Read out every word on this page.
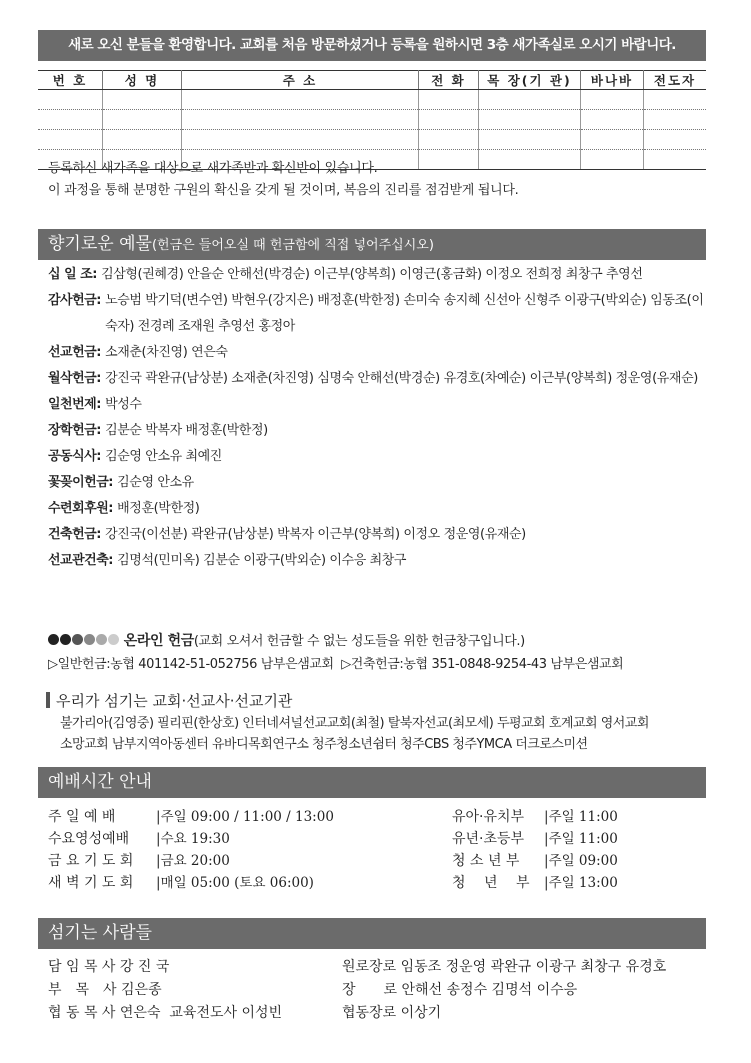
새로 오신 분들을 환영합니다. 교회를 처음 방문하셨거나 등록을 원하시면 3층 새가족실로 오시기 바랍니다.
번 호	성 명	주 소	전 화	목 장(기 관)	바나바	전도자

등록하신 새가족을 대상으로 새가족반과 확신반이 있습니다.
이 과정을 통해 분명한 구원의 확신을 갖게 될 것이며, 복음의 진리를 점검받게 됩니다.
향기로운 예물(헌금은 들어오실 때 헌금함에 직접 넣어주십시오)
십 일 조:
김삼형(권혜경) 안을순 안해선(박경순) 이근부(양복희) 이영근(홍금화) 이정오 전희정 최창구 추영선
감사헌금:
노승범 박기덕(변수연) 박현우(강지은) 배정훈(박한정) 손미숙 송지혜 신선아 신형주 이광구(박외순) 임동조(이숙자) 전경례 조재원 추영선 홍정아
선교헌금:
소재춘(차진영) 연은숙
월삭헌금:
강진국 곽완규(남상분) 소재춘(차진영) 심명숙 안해선(박경순) 유경호(차예순) 이근부(양복희) 정운영(유재순)
일천번제:
박성수
장학헌금:
김분순 박복자 배정훈(박한정)
공동식사:
김순영 안소유 최예진
꽃꽂이헌금:
김순영 안소유
수련회후원:
배정훈(박한정)
건축헌금:
강진국(이선분) 곽완규(남상분) 박복자 이근부(양복희) 이정오 정운영(유재순)
선교관건축:
김명석(민미옥) 김분순 이광구(박외순) 이수응 최창구
온라인 헌금(교회 오셔서 헌금할 수 없는 성도들을 위한 헌금창구입니다.)
▷일반헌금:농협 401142-51-052756 남부은샘교회 ▷건축헌금:농협 351-0848-9254-43 남부은샘교회
우리가 섬기는 교회·선교사·선교기관
불가리아(김영중) 필리핀(한상호) 인터네셔널선교교회(최철) 탈북자선교(최모세) 두평교회 호계교회 영서교회
소망교회 남부지역아동센터 유바디목회연구소 청주청소년쉼터 청주CBS 청주YMCA 더크로스미션
예배시간 안내
주 일 예 배	| 주일 09:00 / 11:00 / 13:00
수요영성예배	| 수요 19:30
금 요 기 도 회	| 금요 20:00
새 벽 기 도 회	| 매일 05:00 (토요 06:00)
유아·유치부	| 주일 11:00
유년·초등부	| 주일 11:00
청 소 년 부	| 주일 09:00
청　 년 　부	| 주일 13:00
섬기는 사람들
담 임 목 사 강 진 국
부　목　사 김은종
협 동 목 사 연은숙 교육전도사 이성빈
원로장로 임동조 정운영 곽완규 이광구 최창구 유경호
장　　로 안해선 송정수 김명석 이수응
협동장로 이상기
